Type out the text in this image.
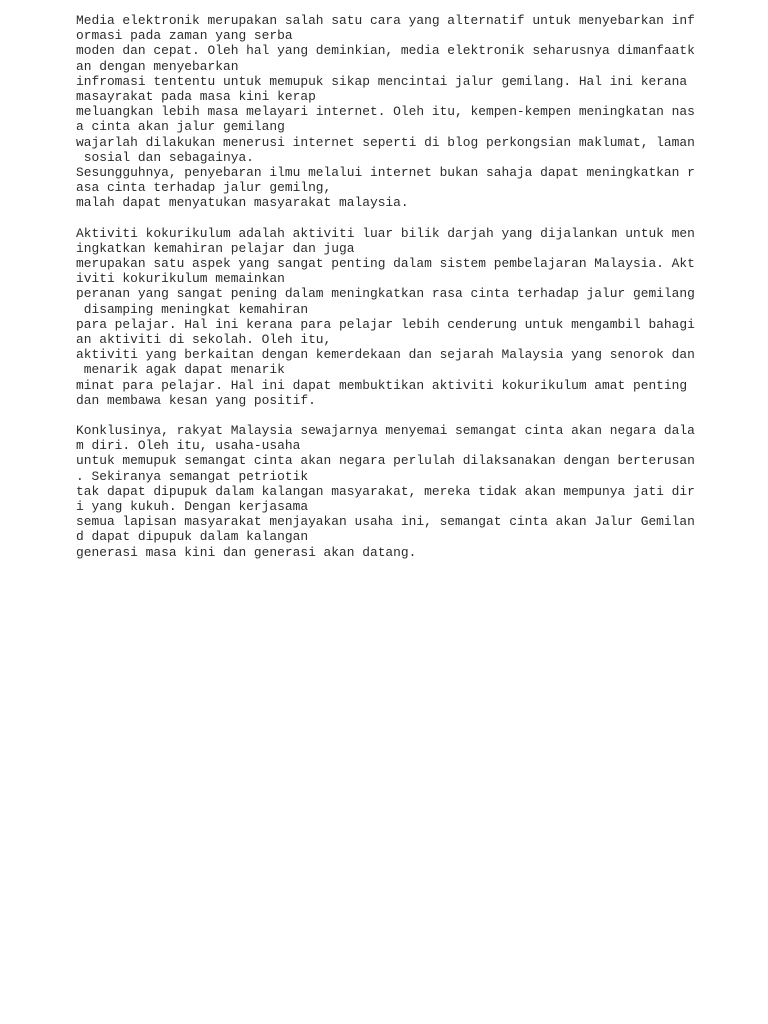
Media elektronik merupakan salah satu cara yang alternatif untuk menyebarkan inf
ormasi pada zaman yang serba
moden dan cepat. Oleh hal yang deminkian, media elektronik seharusnya dimanfaatk
an dengan menyebarkan
infromasi tententu untuk memupuk sikap mencintai jalur gemilang. Hal ini kerana
masayrakat pada masa kini kerap
meluangkan lebih masa melayari internet. Oleh itu, kempen-kempen meningkatan nas
a cinta akan jalur gemilang
wajarlah dilakukan menerusi internet seperti di blog perkongsian maklumat, laman
sosial dan sebagainya.
Sesungguhnya, penyebaran ilmu melalui internet bukan sahaja dapat meningkatkan r
asa cinta terhadap jalur gemilng,
malah dapat menyatukan masyarakat malaysia.
Aktiviti kokurikulum adalah aktiviti luar bilik darjah yang dijalankan untuk men
ingkatkan kemahiran pelajar dan juga
merupakan satu aspek yang sangat penting dalam sistem pembelajaran Malaysia. Akt
iviti kokurikulum memainkan
peranan yang sangat pening dalam meningkatkan rasa cinta terhadap jalur gemilang
disamping meningkat kemahiran
para pelajar. Hal ini kerana para pelajar lebih cenderung untuk mengambil bahagi
an aktiviti di sekolah. Oleh itu,
aktiviti yang berkaitan dengan kemerdekaan dan sejarah Malaysia yang senorok dan
menarik agak dapat menarik
minat para pelajar. Hal ini dapat membuktikan aktiviti kokurikulum amat penting
dan membawa kesan yang positif.
Konklusinya, rakyat Malaysia sewajarnya menyemai semangat cinta akan negara dala
m diri. Oleh itu, usaha-usaha
untuk memupuk semangat cinta akan negara perlulah dilaksanakan dengan berterusan
. Sekiranya semangat petriotik
tak dapat dipupuk dalam kalangan masyarakat, mereka tidak akan mempunya jati dir
i yang kukuh. Dengan kerjasama
semua lapisan masyarakat menjayakan usaha ini, semangat cinta akan Jalur Gemilan
d dapat dipupuk dalam kalangan
generasi masa kini dan generasi akan datang.
